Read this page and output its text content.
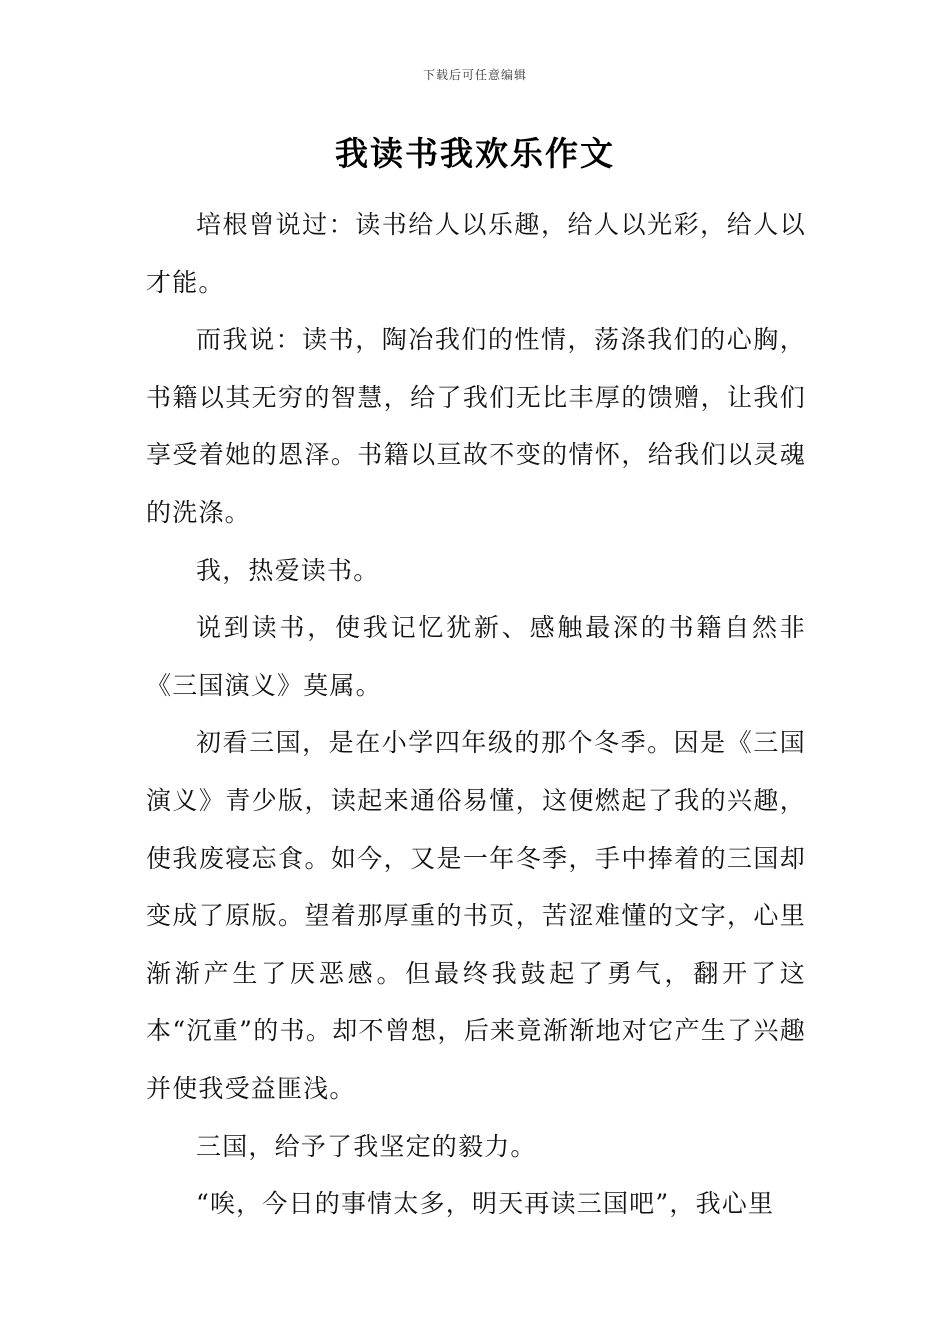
下载后可任意编辑
我读书我欢乐作文

培根曾说过：读书给人以乐趣，给人以光彩，给人以才能。

而我说：读书，陶冶我们的性情，荡涤我们的心胸，书籍以其无穷的智慧，给了我们无比丰厚的馈赠，让我们享受着她的恩泽。书籍以亘故不变的情怀，给我们以灵魂的洗涤。

我，热爱读书。

说到读书，使我记忆犹新、感触最深的书籍自然非《三国演义》莫属。

初看三国，是在小学四年级的那个冬季。因是《三国演义》青少版，读起来通俗易懂，这便燃起了我的兴趣，使我废寝忘食。如今，又是一年冬季，手中捧着的三国却变成了原版。望着那厚重的书页，苦涩难懂的文字，心里渐渐产生了厌恶感。但最终我鼓起了勇气，翻开了这本“沉重”的书。却不曾想，后来竟渐渐地对它产生了兴趣并使我受益匪浅。

三国，给予了我坚定的毅力。

“唉，今日的事情太多，明天再读三国吧”，我心里
